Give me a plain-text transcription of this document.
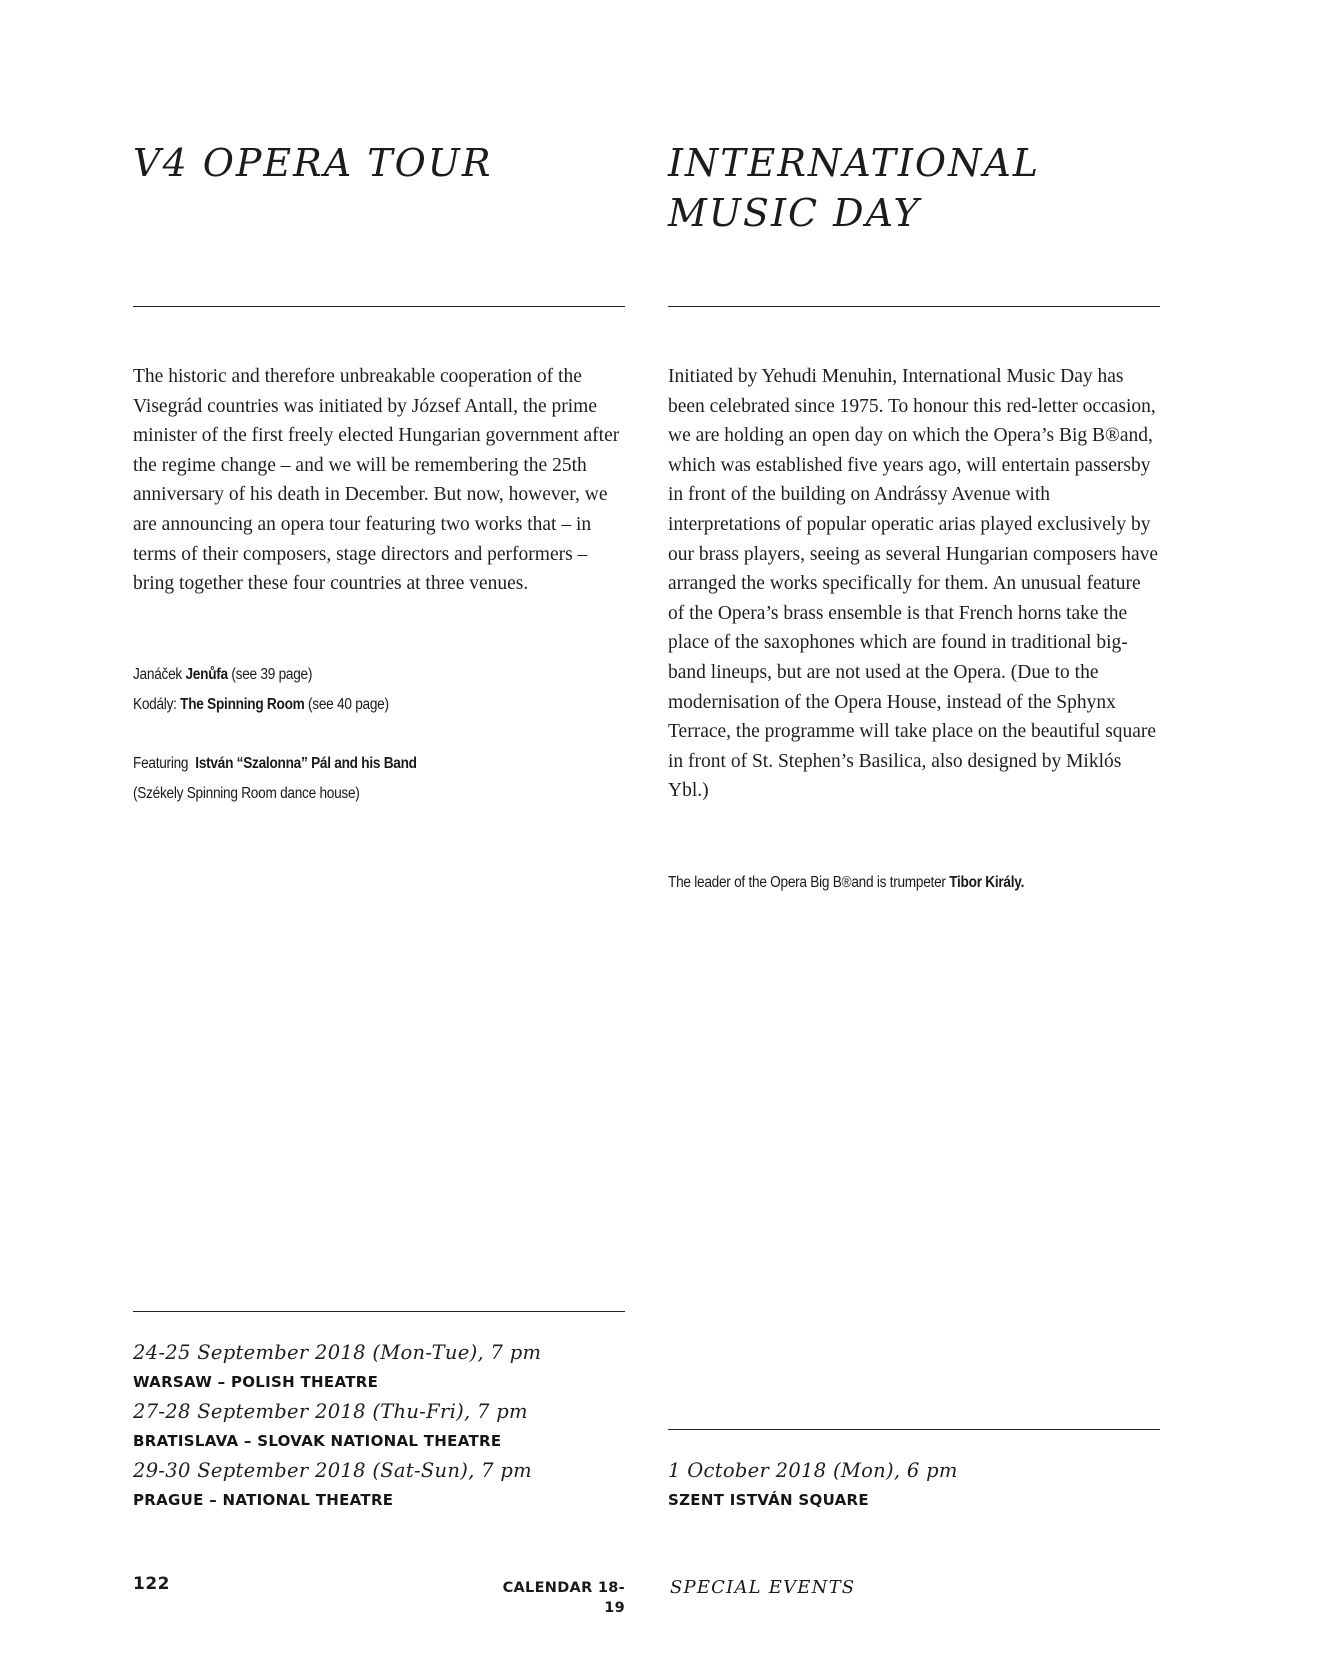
V4 OPERA TOUR

The historic and therefore unbreakable cooperation of the Visegrád countries was initiated by József Antall, the prime minister of the first freely elected Hungarian government after the regime change – and we will be remembering the 25th anniversary of his death in December. But now, however, we are announcing an opera tour featuring two works that – in terms of their composers, stage directors and performers – bring together these four countries at three venues.

Janáček Jenůfa (see 39 page)
Kodály: The Spinning Room (see 40 page)
Featuring  István “Szalonna” Pál and his Band
(Székely Spinning Room dance house)
24-25 September 2018 (Mon-Tue), 7 pm
WARSAW – POLISH THEATRE
27-28 September 2018 (Thu-Fri), 7 pm
BRATISLAVA – SLOVAK NATIONAL THEATRE
29-30 September 2018 (Sat-Sun), 7 pm
PRAGUE – NATIONAL THEATRE
INTERNATIONAL
MUSIC DAY

Initiated by Yehudi Menuhin, International Music Day has been celebrated since 1975. To honour this red-letter occasion, we are holding an open day on which the Opera’s Big B®and, which was established five years ago, will entertain passersby in front of the building on Andrássy Avenue with interpretations of popular operatic arias played exclusively by our brass players, seeing as several Hungarian composers have arranged the works specifically for them. An unusual feature of the Opera’s brass ensemble is that French horns take the place of the saxophones which are found in traditional big-band lineups, but are not used at the Opera. (Due to the modernisation of the Opera House, instead of the Sphynx Terrace, the programme will take place on the beautiful square in front of St. Stephen’s Basilica, also designed by Miklós Ybl.)

The leader of the Opera Big B®and is trumpeter Tibor Király.
1 October 2018 (Mon), 6 pm
SZENT ISTVÁN SQUARE
122	CALENDAR 18-19
SPECIAL EVENTS
